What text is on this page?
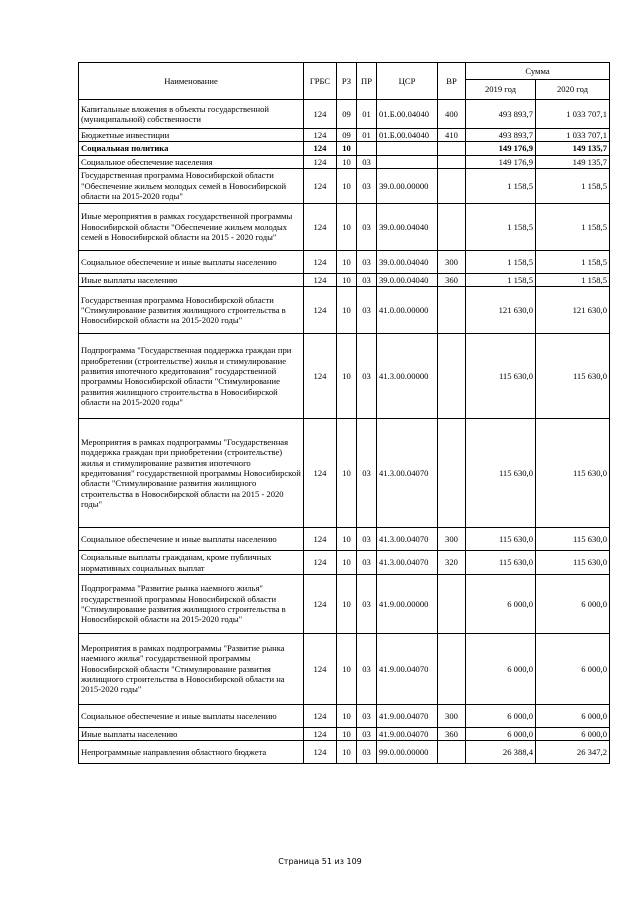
Наименование	ГРБС	РЗ	ПР	ЦСР	ВР	Сумма	
						2019 год	2020 год
Капитальные вложения в объекты государственной (муниципальной) собственности	124	09	01	01.Б.00.04040	400	493 893,7	1 033 707,1
Бюджетные инвестиции	124	09	01	01.Б.00.04040	410	493 893,7	1 033 707,1
Социальная политика	124	10				149 176,9	149 135,7
Социальное обеспечение населения	124	10	03			149 176,9	149 135,7
Государственная программа Новосибирской области "Обеспечение жильем молодых семей в Новосибирской области на 2015-2020 годы"	124	10	03	39.0.00.00000		1 158,5	1 158,5
Иные мероприятия в рамках государственной программы Новосибирской области "Обеспечение жильем молодых семей в Новосибирской области на 2015 - 2020 годы"	124	10	03	39.0.00.04040		1 158,5	1 158,5
Социальное обеспечение и иные выплаты населению	124	10	03	39.0.00.04040	300	1 158,5	1 158,5
Иные выплаты населению	124	10	03	39.0.00.04040	360	1 158,5	1 158,5
Государственная программа Новосибирской области "Стимулирование развития жилищного строительства в Новосибирской области на 2015-2020 годы"	124	10	03	41.0.00.00000		121 630,0	121 630,0
Подпрограмма "Государственная поддержка граждан при приобретении (строительстве) жилья и стимулирование развития ипотечного кредитования" государственной программы Новосибирской области "Стимулирование развития жилищного строительства в Новосибирской области на 2015-2020 годы"	124	10	03	41.3.00.00000		115 630,0	115 630,0
Мероприятия в рамках подпрограммы "Государственная поддержка граждан при приобретении (строительстве) жилья и стимулирование развития ипотечного кредитования" государственной программы Новосибирской области "Стимулирование развития жилищного строительства в Новосибирской области на 2015 - 2020 годы"	124	10	03	41.3.00.04070		115 630,0	115 630,0
Социальное обеспечение и иные выплаты населению	124	10	03	41.3.00.04070	300	115 630,0	115 630,0
Социальные выплаты гражданам, кроме публичных нормативных социальных выплат	124	10	03	41.3.00.04070	320	115 630,0	115 630,0
Подпрограмма "Развитие рынка наемного жилья" государственной программы Новосибирской области "Стимулирование развития жилищного строительства в Новосибирской области на 2015-2020 годы"	124	10	03	41.9.00.00000		6 000,0	6 000,0
Мероприятия в рамках подпрограммы "Развитие рынка наемного жилья" государственной программы Новосибирской области "Стимулирование развития жилищного строительства в Новосибирской области на 2015-2020 годы"	124	10	03	41.9.00.04070		6 000,0	6 000,0
Социальное обеспечение и иные выплаты населению	124	10	03	41.9.00.04070	300	6 000,0	6 000,0
Иные выплаты населению	124	10	03	41.9.00.04070	360	6 000,0	6 000,0
Непрограммные направления областного бюджета	124	10	03	99.0.00.00000		26 388,4	26 347,2
Страница 51 из 109
